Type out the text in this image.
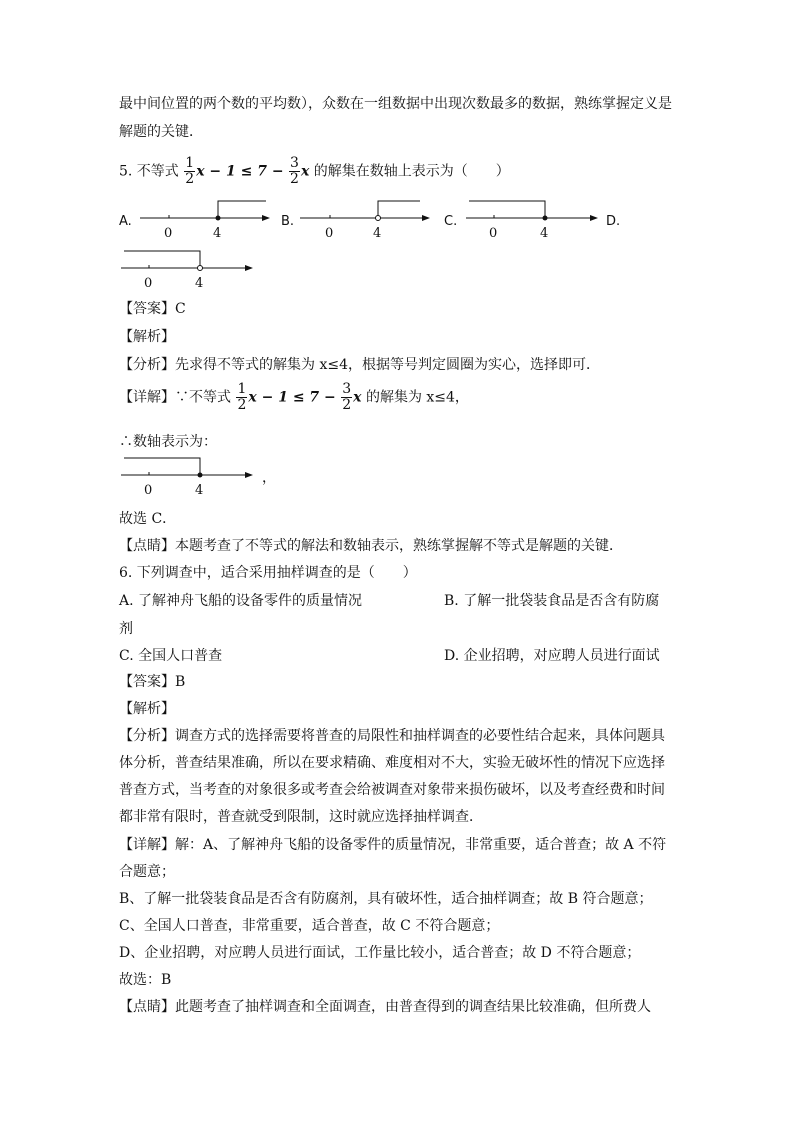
最中间位置的两个数的平均数），众数在一组数据中出现次数最多的数据，熟练掌握定义是
解题的关键．
5. 不等式 $\frac{1}{2}$ $x - 1 \le 7 - \frac{3}{2}$ x 的解集在数轴上表示为（　　）
A.
0	4
B.
0	4
C.
0	4
D.
0	4
【答案】C
【解析】
【分析】先求得不等式的解集为 x≤4，根据等号判定圆圈为实心，选择即可．
【详解】∵不等式 $\frac{1}{2}$ $x - 1 \le 7 - \frac{3}{2}$ x 的解集为 x≤4，
∴数轴表示为：
0	4
，
故选 C．
【点睛】本题考查了不等式的解法和数轴表示，熟练掌握解不等式是解题的关键．
6. 下列调查中，适合采用抽样调查的是（　　）
A. 了解神舟飞船的设备零件的质量情况	B. 了解一批袋装食品是否含有防腐
剂
C. 全国人口普查	D. 企业招聘，对应聘人员进行面试
【答案】B
【解析】
【分析】调查方式的选择需要将普查的局限性和抽样调查的必要性结合起来，具体问题具
体分析，普查结果准确，所以在要求精确、难度相对不大，实验无破坏性的情况下应选择
普查方式，当考查的对象很多或考查会给被调查对象带来损伤破坏，以及考查经费和时间
都非常有限时，普查就受到限制，这时就应选择抽样调查．
【详解】解：A、了解神舟飞船的设备零件的质量情况，非常重要，适合普查；故 A 不符
合题意；
B、了解一批袋装食品是否含有防腐剂，具有破坏性，适合抽样调查；故 B 符合题意；
C、全国人口普查，非常重要，适合普查，故 C 不符合题意；
D、企业招聘，对应聘人员进行面试，工作量比较小，适合普查；故 D 不符合题意；
故选：B
【点睛】此题考查了抽样调查和全面调查，由普查得到的调查结果比较准确，但所费人
